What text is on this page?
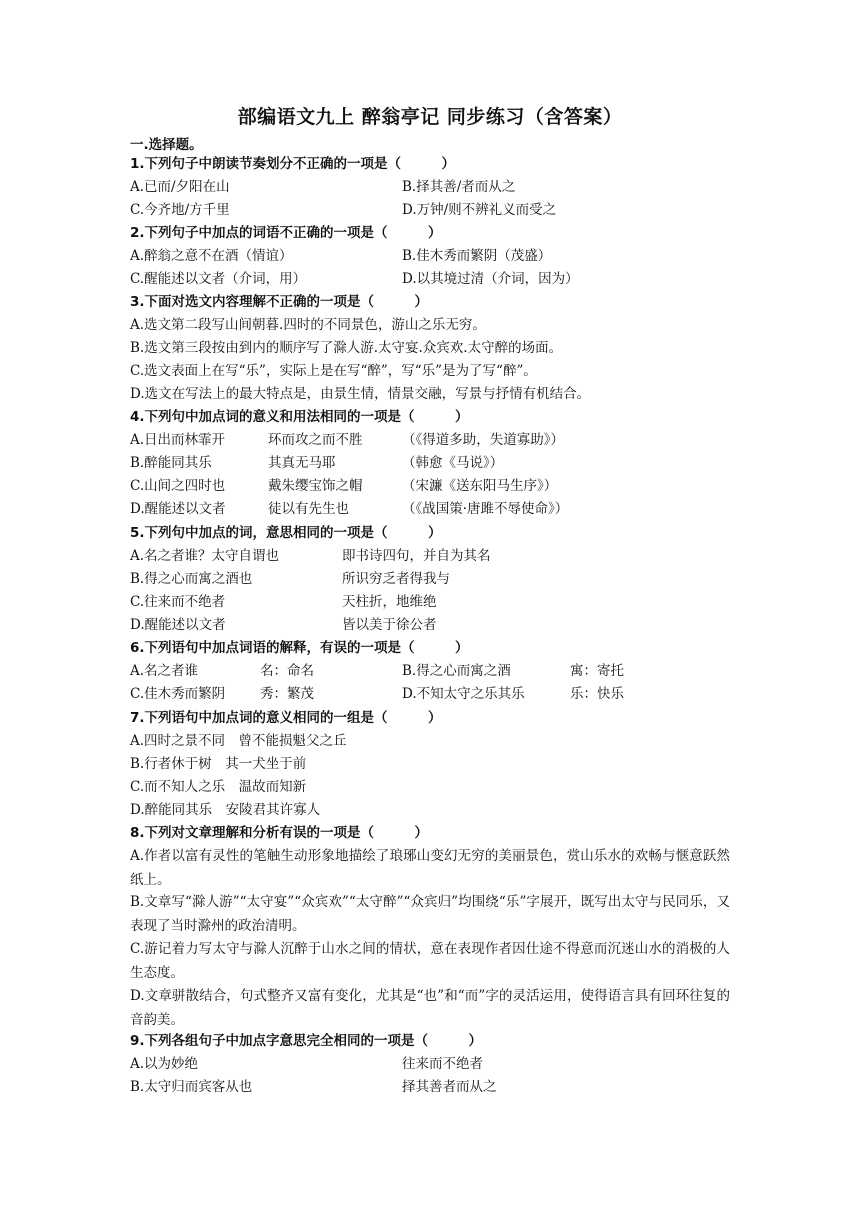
部编语文九上 醉翁亭记 同步练习（含答案）
一.选择题。
1.下列句子中朗读节奏划分不正确的一项是（　　　）
A.已而/夕阳在山	B.择其善/者而从之
C.今齐地/方千里	D.万钟/则不辨礼义而受之
2.下列句子中加点的词语不正确的一项是（　　　）
A.醉翁之意不在酒（情谊）	B.佳木秀而繁阴（茂盛）
C.醒能述以文者（介词，用）	D.以其境过清（介词，因为）
3.下面对选文内容理解不正确的一项是（　　　）
A.选文第二段写山间朝暮.四时的不同景色，游山之乐无穷。
B.选文第三段按由到内的顺序写了滁人游.太守宴.众宾欢.太守醉的场面。
C.选文表面上在写“乐”，实际上是在写“醉”，写“乐”是为了写“醉”。
D.选文在写法上的最大特点是，由景生情，情景交融，写景与抒情有机结合。
4.下列句中加点词的意义和用法相同的一项是（　　　）
A.日出而林霏开	环而攻之而不胜	（《得道多助，失道寡助》）
B.醉能同其乐	其真无马耶	（韩愈《马说》）
C.山间之四时也	戴朱缨宝饰之帽	（宋濂《送东阳马生序》）
D.醒能述以文者	徒以有先生也	（《战国策·唐雎不辱使命》）
5.下列句中加点的词，意思相同的一项是（　　　）
A.名之者谁？太守自谓也	即书诗四句，并自为其名
B.得之心而寓之酒也	所识穷乏者得我与
C.往来而不绝者	天柱折，地维绝
D.醒能述以文者	皆以美于徐公者
6.下列语句中加点词语的解释，有误的一项是（　　　）
A.名之者谁	名：命名	B.得之心而寓之酒	寓：寄托
C.佳木秀而繁阴	秀：繁茂	D.不知太守之乐其乐	乐：快乐
7.下列语句中加点词的意义相同的一组是（　　　）
A.四时之景不同　曾不能损魁父之丘
B.行者休于树　其一犬坐于前
C.而不知人之乐　温故而知新
D.醉能同其乐　安陵君其许寡人
8.下列对文章理解和分析有误的一项是（　　　）
A.作者以富有灵性的笔触生动形象地描绘了琅琊山变幻无穷的美丽景色，赏山乐水的欢畅与惬意跃然纸上。
B.文章写“滁人游”“太守宴”“众宾欢”“太守醉”“众宾归”均围绕“乐”字展开，既写出太守与民同乐，又表现了当时滁州的政治清明。
C.游记着力写太守与滁人沉醉于山水之间的情状，意在表现作者因仕途不得意而沉迷山水的消极的人生态度。
D.文章骈散结合，句式整齐又富有变化，尤其是“也”和“而”字的灵活运用，使得语言具有回环往复的音韵美。
9.下列各组句子中加点字意思完全相同的一项是（　　　）
A.以为妙绝	往来而不绝者
B.太守归而宾客从也	择其善者而从之
